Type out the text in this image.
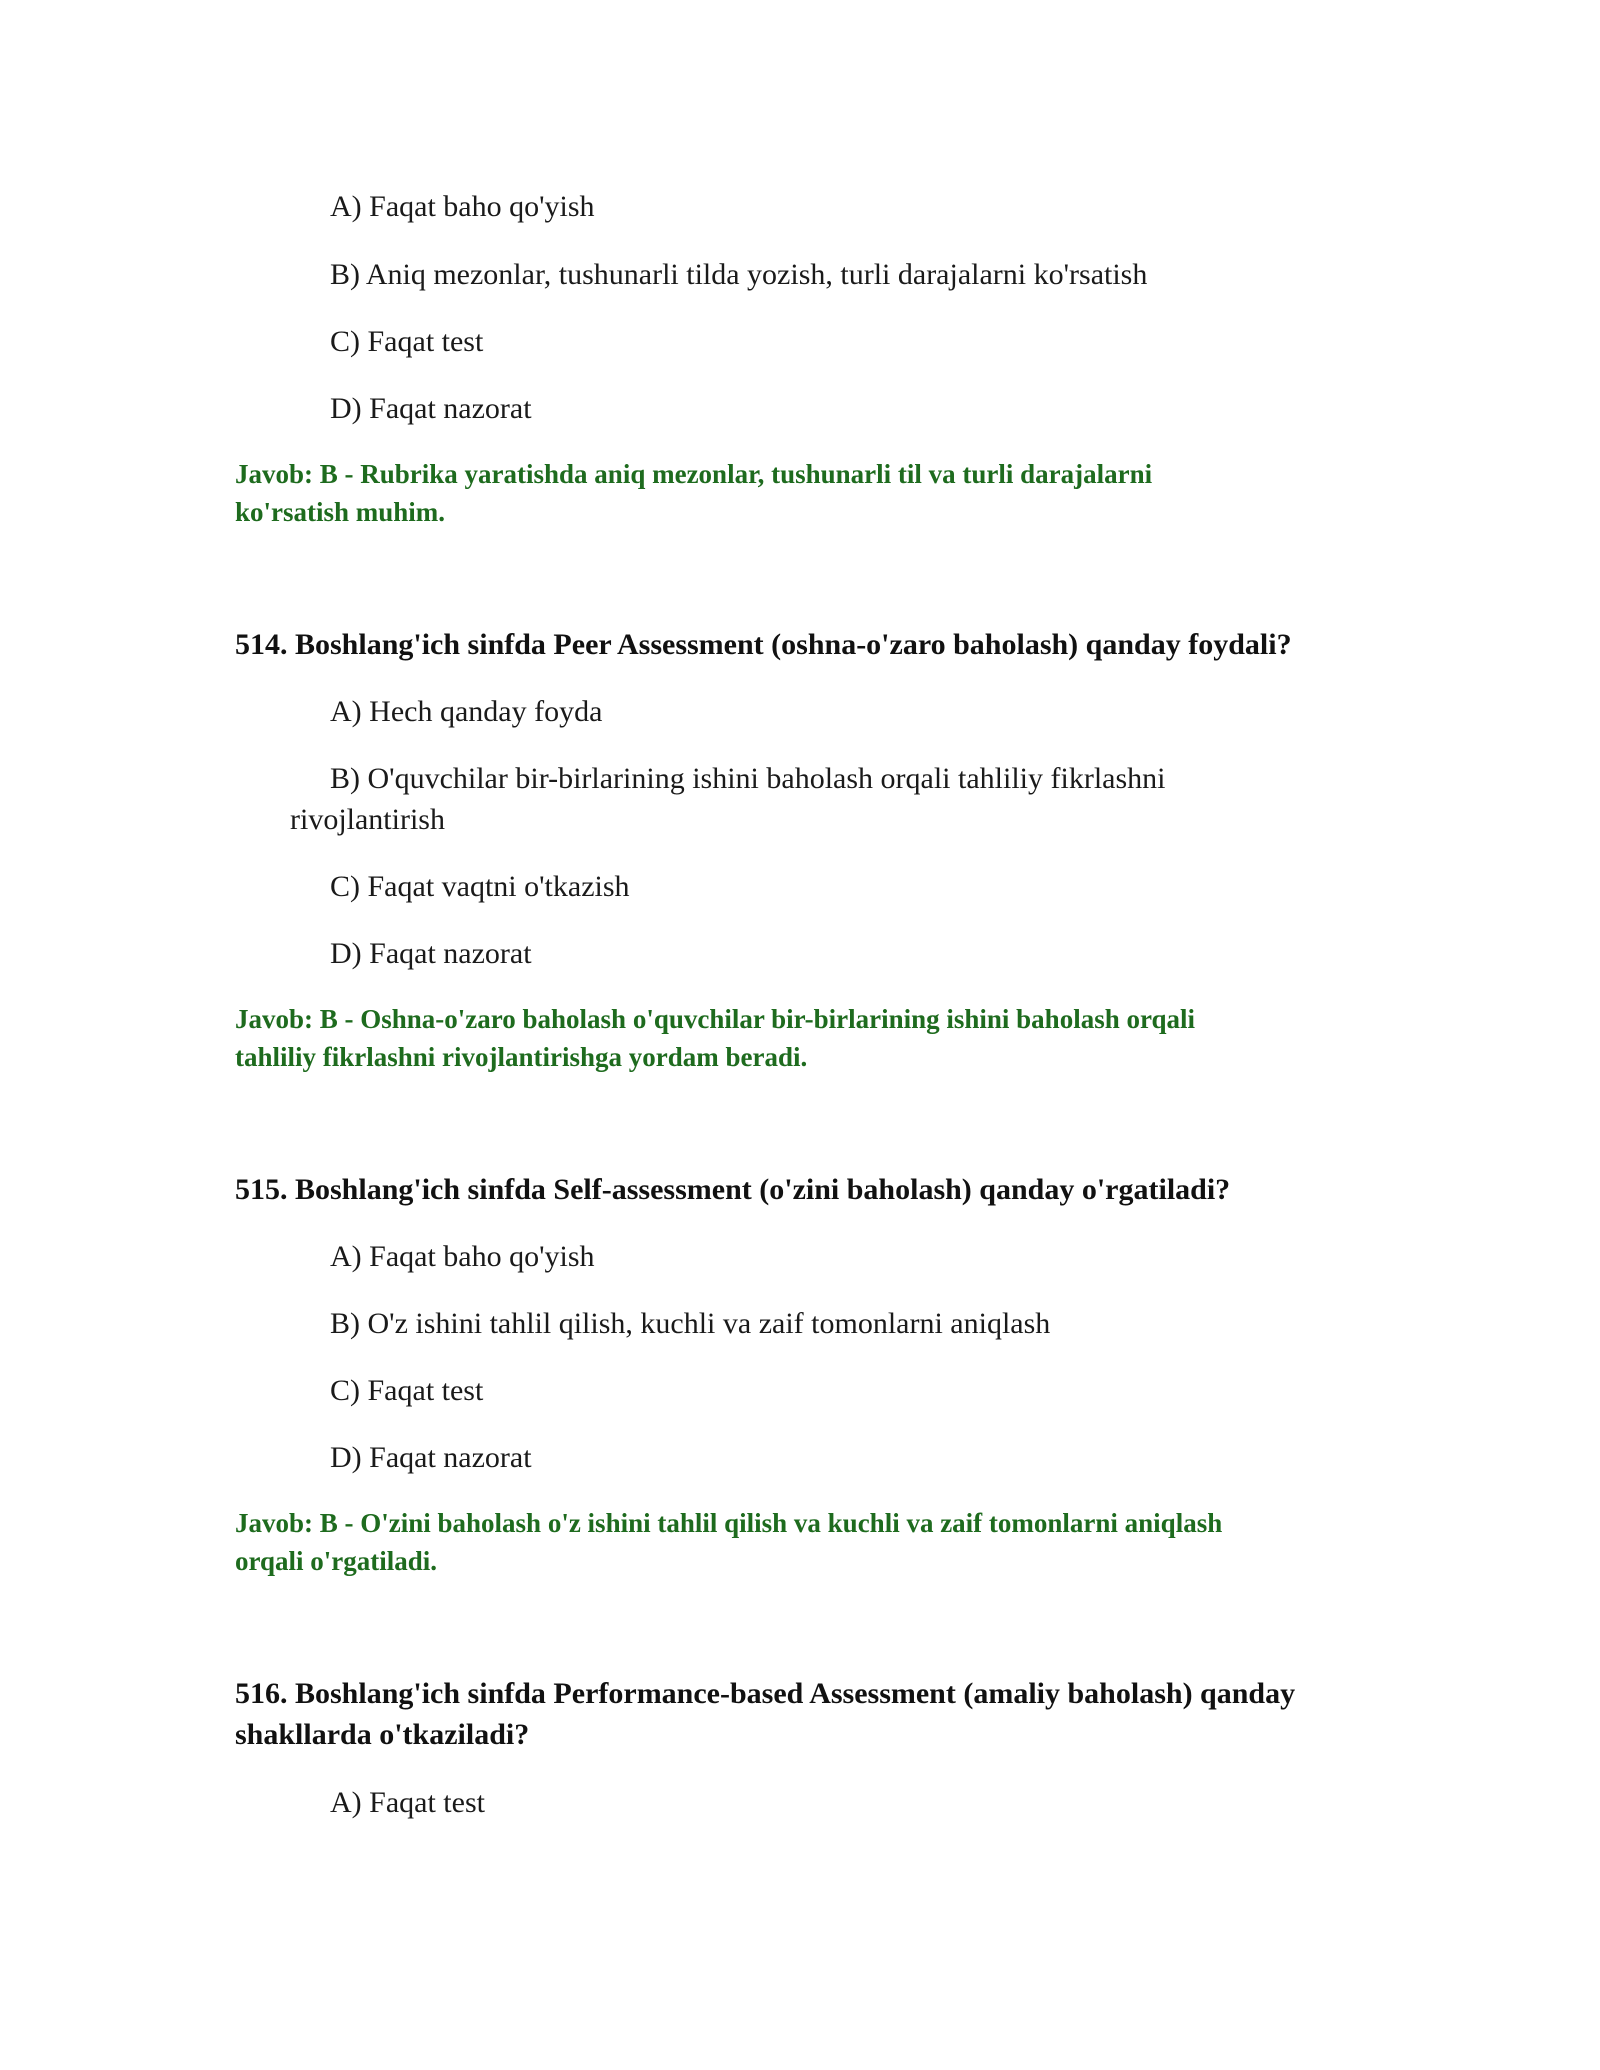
A) Faqat baho qo'yish
B) Aniq mezonlar, tushunarli tilda yozish, turli darajalarni ko'rsatish
C) Faqat test
D) Faqat nazorat
Javob: B - Rubrika yaratishda aniq mezonlar, tushunarli til va turli darajalarni
ko'rsatish muhim.
514. Boshlang'ich sinfda Peer Assessment (oshna-o'zaro baholash) qanday foydali?
A) Hech qanday foyda
B) O'quvchilar bir-birlarining ishini baholash orqali tahliliy fikrlashni
rivojlantirish
C) Faqat vaqtni o'tkazish
D) Faqat nazorat
Javob: B - Oshna-o'zaro baholash o'quvchilar bir-birlarining ishini baholash orqali
tahliliy fikrlashni rivojlantirishga yordam beradi.
515. Boshlang'ich sinfda Self-assessment (o'zini baholash) qanday o'rgatiladi?
A) Faqat baho qo'yish
B) O'z ishini tahlil qilish, kuchli va zaif tomonlarni aniqlash
C) Faqat test
D) Faqat nazorat
Javob: B - O'zini baholash o'z ishini tahlil qilish va kuchli va zaif tomonlarni aniqlash
orqali o'rgatiladi.
516. Boshlang'ich sinfda Performance-based Assessment (amaliy baholash) qanday
shakllarda o'tkaziladi?
A) Faqat test
